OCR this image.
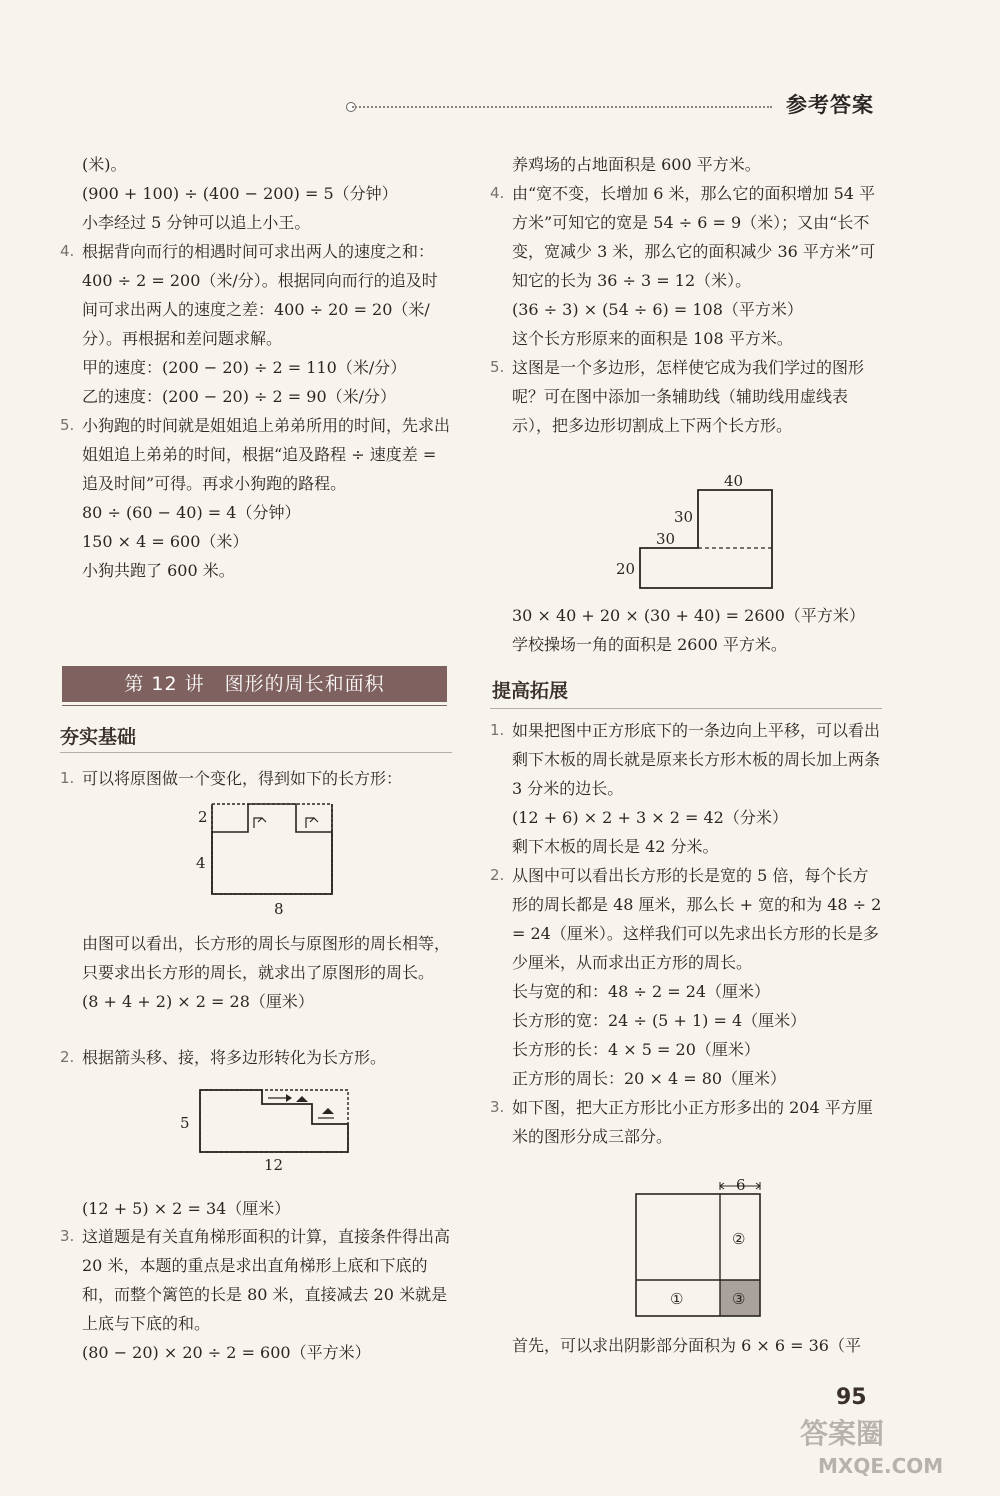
参考答案

(米)。

(900 + 100) ÷ (400 − 200) = 5（分钟）

小李经过 5 分钟可以追上小王。

4. 根据背向而行的相遇时间可求出两人的速度之和：400 ÷ 2 = 200（米/分）。根据同向而行的追及时间可求出两人的速度之差：400 ÷ 20 = 20（米/分）。再根据和差问题求解。

甲的速度：(200 − 20) ÷ 2 = 110（米/分）

乙的速度：(200 − 20) ÷ 2 = 90（米/分）

5. 小狗跑的时间就是姐姐追上弟弟所用的时间，先求出姐姐追上弟弟的时间，根据“追及路程 ÷ 速度差 = 追及时间”可得。再求小狗跑的路程。

80 ÷ (60 − 40) = 4（分钟）

150 × 4 = 600（米）

小狗共跑了 600 米。

第 12 讲　图形的周长和面积
夯实基础
1. 可以将原图做一个变化，得到如下的长方形：

2
4
8

由图可以看出，长方形的周长与原图形的周长相等，只要求出长方形的周长，就求出了原图形的周长。

(8 + 4 + 2) × 2 = 28（厘米）

2. 根据箭头移、接，将多边形转化为长方形。

5
12

(12 + 5) × 2 = 34（厘米）

3. 这道题是有关直角梯形面积的计算，直接条件得出高 20 米，本题的重点是求出直角梯形上底和下底的和，而整个篱笆的长是 80 米，直接减去 20 米就是上底与下底的和。

(80 − 20) × 20 ÷ 2 = 600（平方米）

养鸡场的占地面积是 600 平方米。

4. 由“宽不变，长增加 6 米，那么它的面积增加 54 平方米”可知它的宽是 54 ÷ 6 = 9（米）；又由“长不变，宽减少 3 米，那么它的面积减少 36 平方米”可知它的长为 36 ÷ 3 = 12（米）。

(36 ÷ 3) × (54 ÷ 6) = 108（平方米）

这个长方形原来的面积是 108 平方米。

5. 这图是一个多边形，怎样使它成为我们学过的图形呢？可在图中添加一条辅助线（辅助线用虚线表示），把多边形切割成上下两个长方形。

40
30
30
20

30 × 40 + 20 × (30 + 40) = 2600（平方米）

学校操场一角的面积是 2600 平方米。

提高拓展
1. 如果把图中正方形底下的一条边向上平移，可以看出剩下木板的周长就是原来长方形木板的周长加上两条 3 分米的边长。

(12 + 6) × 2 + 3 × 2 = 42（分米）

剩下木板的周长是 42 分米。

2. 从图中可以看出长方形的长是宽的 5 倍，每个长方形的周长都是 48 厘米，那么长 + 宽的和为 48 ÷ 2 = 24（厘米）。这样我们可以先求出长方形的长是多少厘米，从而求出正方形的周长。

长与宽的和：48 ÷ 2 = 24（厘米）

长方形的宽：24 ÷ (5 + 1) = 4（厘米）

长方形的长：4 × 5 = 20（厘米）

正方形的周长：20 × 4 = 80（厘米）

3. 如下图，把大正方形比小正方形多出的 204 平方厘米的图形分成三部分。

6
②
①	③

首先，可以求出阴影部分面积为 6 × 6 = 36（平

95
答案圈
MXQE.COM
